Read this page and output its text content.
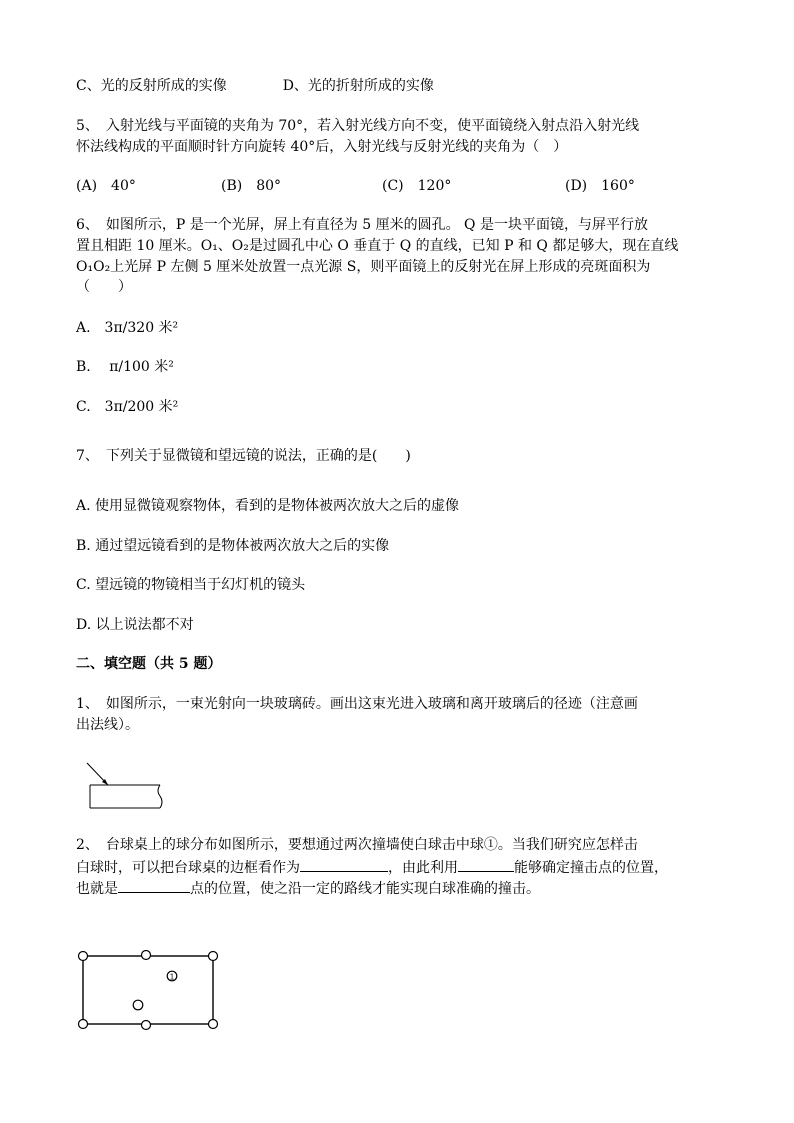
C、光的反射所成的实像　　　　D、光的折射所成的实像
5、　入射光线与平面镜的夹角为 70°，若入射光线方向不变，使平面镜绕入射点沿入射光线
怀法线构成的平面顺时针方向旋转 40°后，入射光线与反射光线的夹角为（　）
(A)　40°	(B)　80°	(C)　120°	(D)　160°
6、　如图所示，P 是一个光屏，屏上有直径为 5 厘米的圆孔。 Q 是一块平面镜，与屏平行放
置且相距 10 厘米。O₁、O₂是过圆孔中心 O 垂直于 Q 的直线，已知 P 和 Q 都足够大，现在直线
O₁O₂上光屏 P 左侧 5 厘米处放置一点光源 S，则平面镜上的反射光在屏上形成的亮斑面积为
（　　）
A.　3π/320 米²
B.　 π/100 米²
C.　3π/200 米²
7、　下列关于显微镜和望远镜的说法，正确的是(　　)
A. 使用显微镜观察物体，看到的是物体被两次放大之后的虚像
B. 通过望远镜看到的是物体被两次放大之后的实像
C. 望远镜的物镜相当于幻灯机的镜头
D. 以上说法都不对
二、填空题（共 5 题）
1、　如图所示，一束光射向一块玻璃砖。画出这束光进入玻璃和离开玻璃后的径迹（注意画
出法线）。
2、　台球桌上的球分布如图所示，要想通过两次撞墙使白球击中球①。当我们研究应怎样击
白球时，可以把台球桌的边框看作为	，由此利用	能够确定撞击点的位置，
也就是	点的位置，使之沿一定的路线才能实现白球准确的撞击。
1
